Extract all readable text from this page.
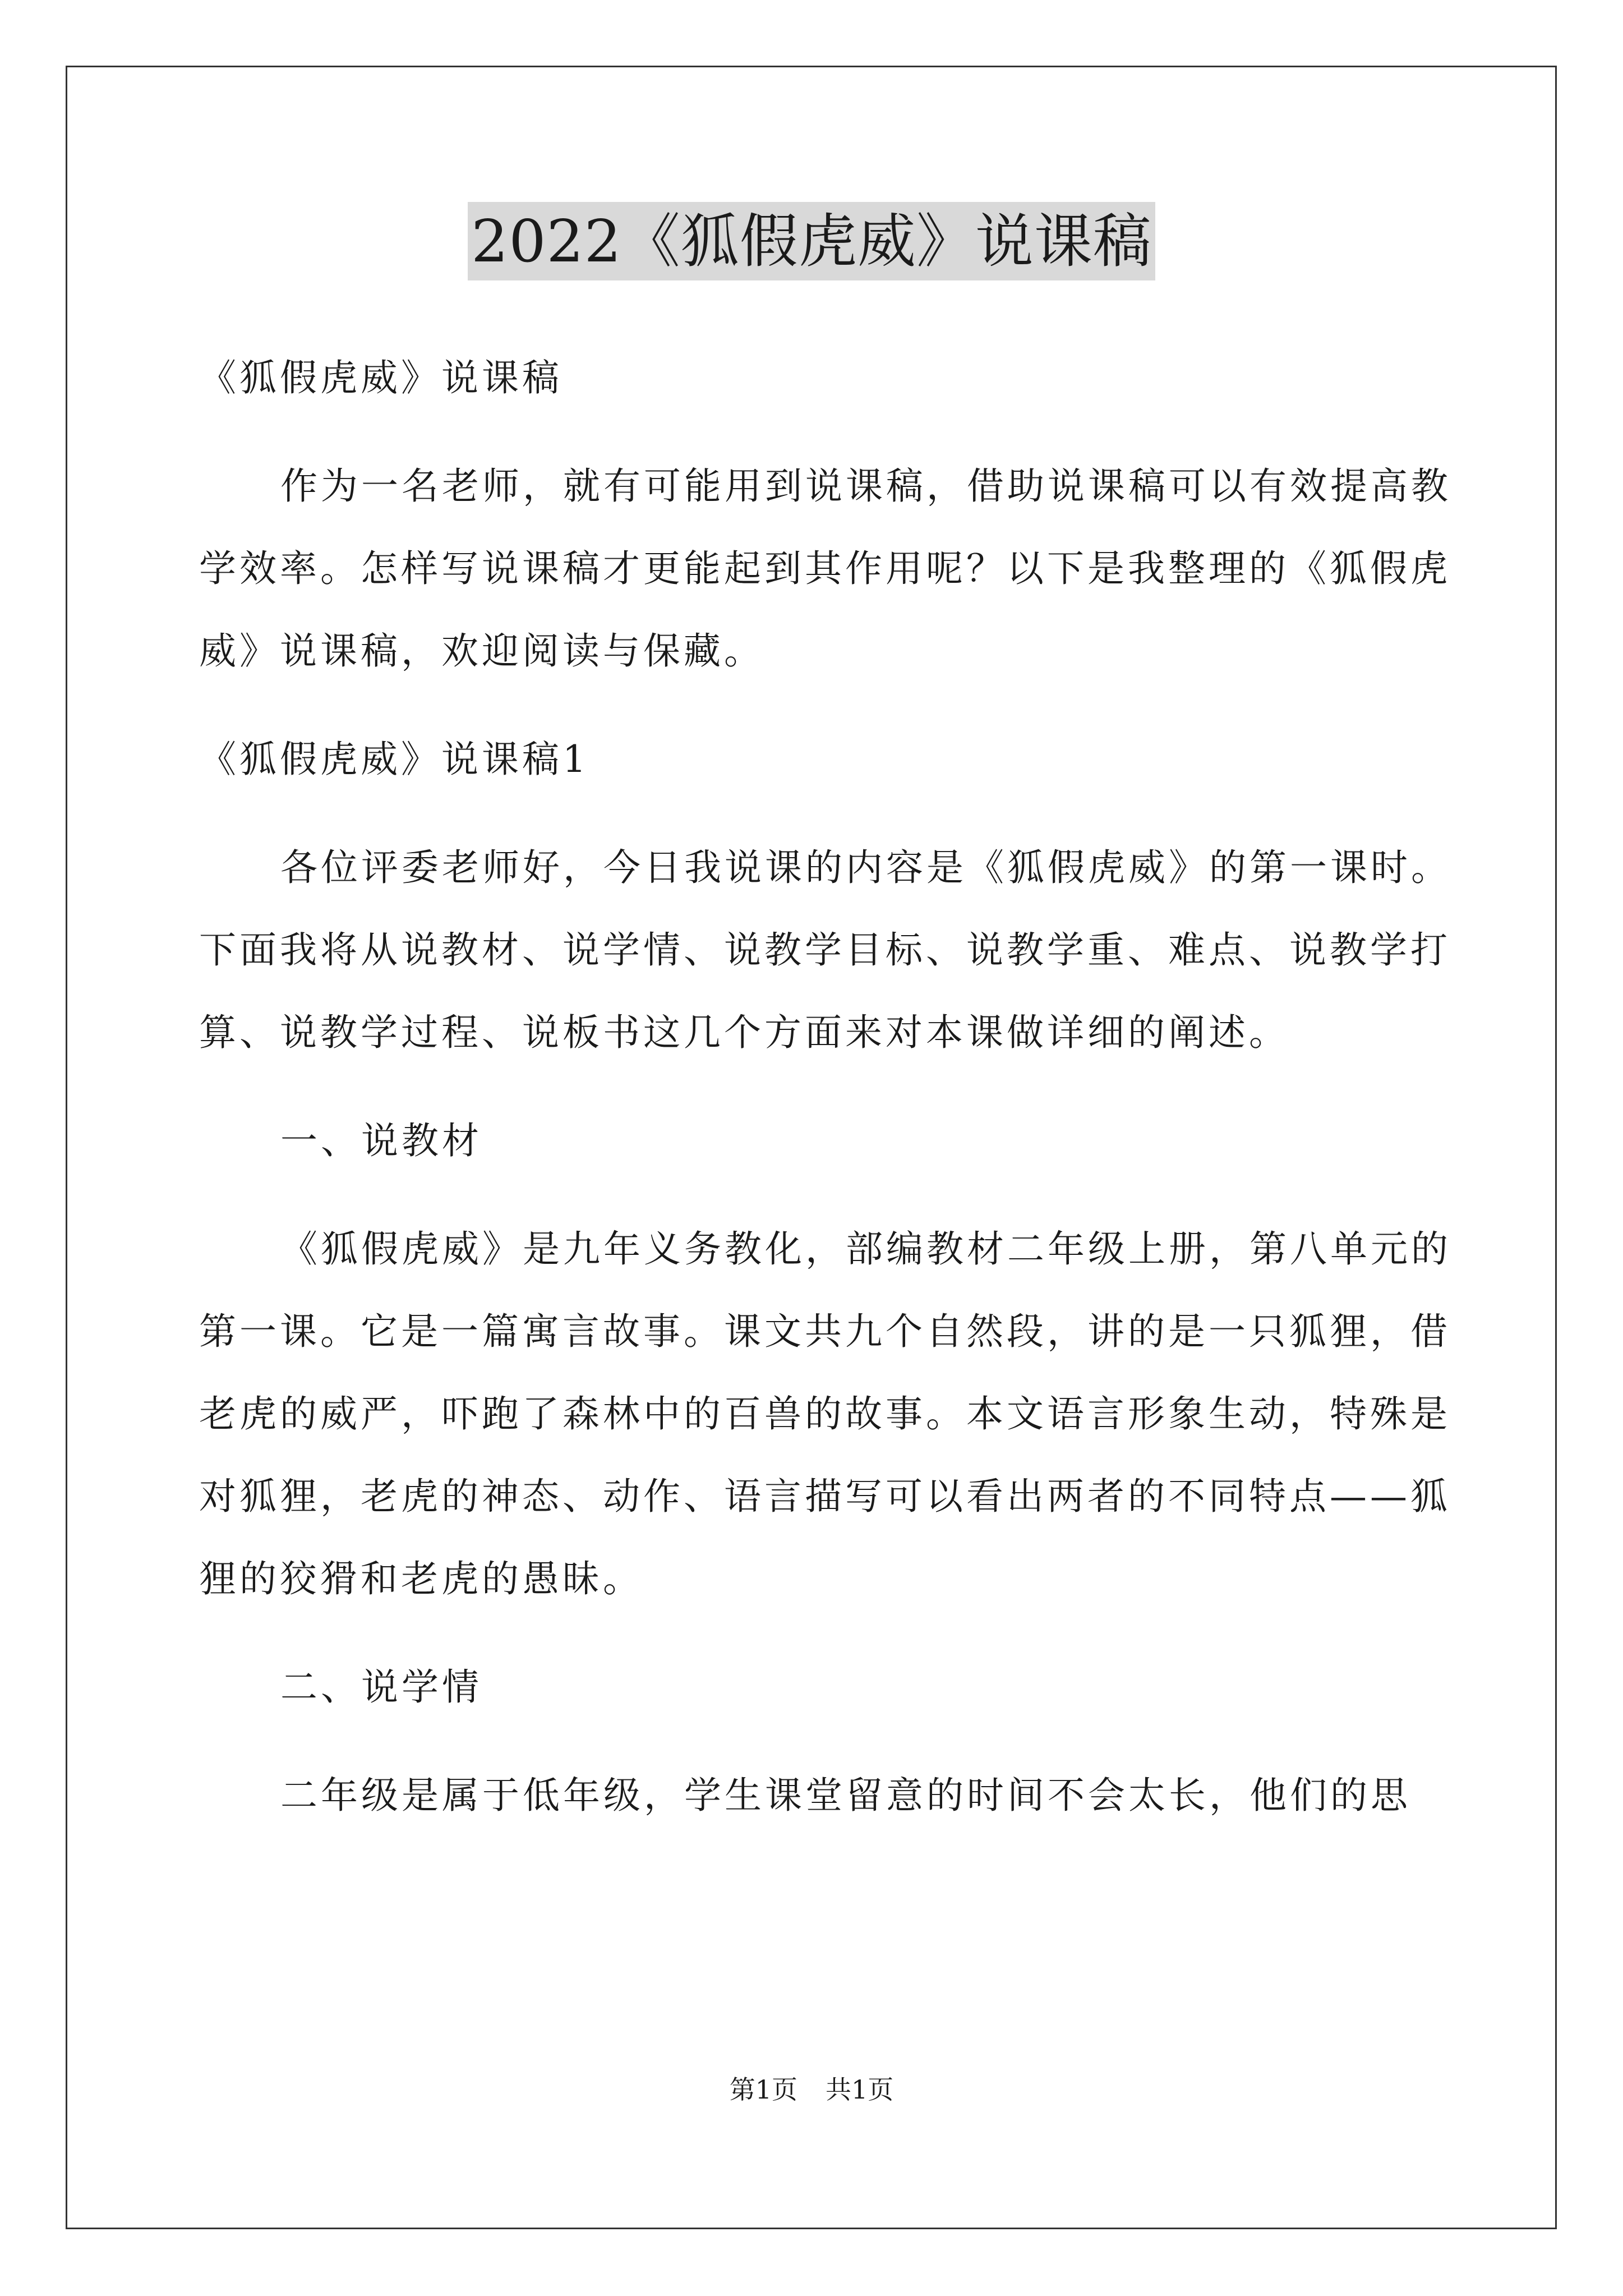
2022《狐假虎威》说课稿

《狐假虎威》说课稿

作为一名老师，就有可能用到说课稿，借助说课稿可以有效提高教学效率。怎样写说课稿才更能起到其作用呢？以下是我整理的《狐假虎威》说课稿，欢迎阅读与保藏。

《狐假虎威》说课稿1

各位评委老师好，今日我说课的内容是《狐假虎威》的第一课时。下面我将从说教材、说学情、说教学目标、说教学重、难点、说教学打算、说教学过程、说板书这几个方面来对本课做详细的阐述。

一、说教材

《狐假虎威》是九年义务教化，部编教材二年级上册，第八单元的第一课。它是一篇寓言故事。课文共九个自然段，讲的是一只狐狸，借老虎的威严，吓跑了森林中的百兽的故事。本文语言形象生动，特殊是对狐狸，老虎的神态、动作、语言描写可以看出两者的不同特点——狐狸的狡猾和老虎的愚昧。

二、说学情

二年级是属于低年级，学生课堂留意的时间不会太长，他们的思

第1页 共1页
